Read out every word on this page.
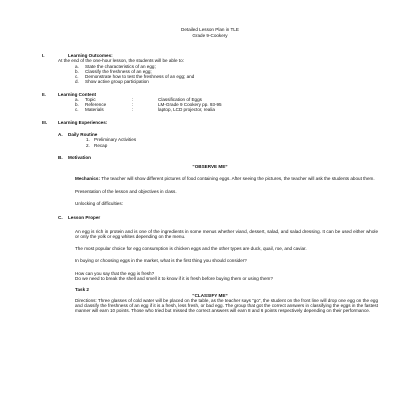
Detailed Lesson Plan in TLE
Grade 9-Cookery
I.	Learning Outcomes:
At the end of the one-hour lesson, the students will be able to:
a.	State the characteristics of an egg;
b.	Classify the freshness of an egg;
c.	Demonstrate how to test the freshness of an egg; and
d.	Show active group participation
II.	Learning Content
a.	Topic	:	Classification of Eggs
b.	Reference	:	LM-Grade 9 Cookery pp. 93-95
c.	Materials	:	laptop, LCD projector, realia
III.	Learning Experiences:
A.	Daily Routine
1. Preliminary Activities
2. Recap
B.	Motivation
“OBSERVE ME”
Mechanics: The teacher will show different pictures of food containing eggs. After seeing the pictures, the teacher will ask the students about them.
Presentation of the lesson and objectives in class.
Unlocking of difficulties:
C.	Lesson Proper
An egg is rich in protein and is one of the ingredients in some menus whether viand, dessert, salad, and salad dressing. It can be used either whole or only the yolk or egg whites depending on the menu.
The most popular choice for egg consumption is chicken eggs and the other types are duck, quail, roe, and caviar.
In buying or choosing eggs in the market, what is the first thing you should consider?
How can you say that the egg is fresh?
Do we need to break the shell and smell it to know if it is fresh before buying them or using them?
Task 2
“CLASSIFY ME”
Directions: Three glasses of cold water will be placed on the table, as the teacher says “go”, the student on the front line will drop one egg on the egg and classify the freshness of an egg if it is a fresh, less fresh, or bad egg. The group that got the correct answers in classifying the eggs in the fastest manner will earn 10 points. Those who tried but missed the correct answers will earn 8 and 6 points respectively depending on their performance.
